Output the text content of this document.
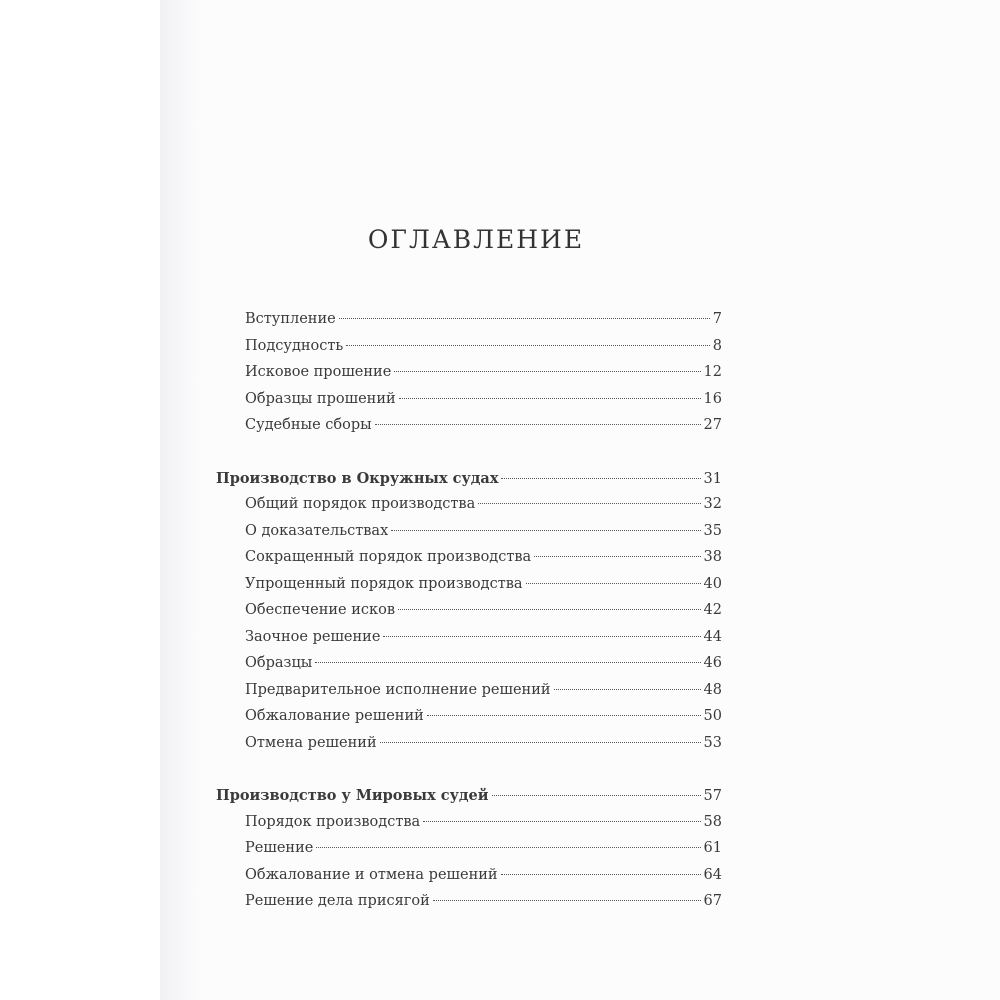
ОГЛАВЛЕНИЕ
Вступление	7
Подсудность	8
Исковое прошение	12
Образцы прошений	16
Судебные сборы	27
Производство в Окружных судах	31
Общий порядок производства	32
О доказательствах	35
Сокращенный порядок производства	38
Упрощенный порядок производства	40
Обеспечение исков	42
Заочное решение	44
Образцы	46
Предварительное исполнение решений	48
Обжалование решений	50
Отмена решений	53
Производство у Мировых судей	57
Порядок производства	58
Решение	61
Обжалование и отмена решений	64
Решение дела присягой	67
